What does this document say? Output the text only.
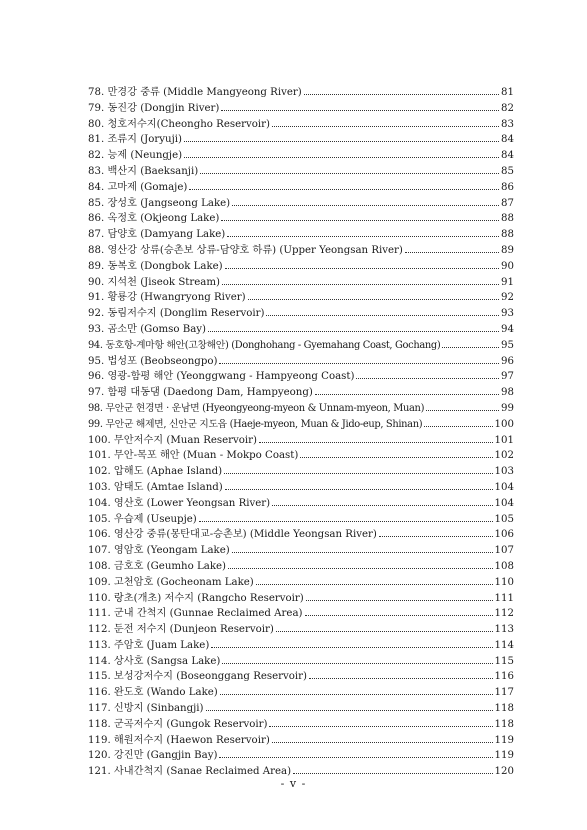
78. 만경강 중류 (Middle Mangyeong River)	81
79. 동진강 (Dongjin River)	82
80. 청호저수지(Cheongho Reservoir)	83
81. 조류지 (Joryuji)	84
82. 능제 (Neungje)	84
83. 백산지 (Baeksanji)	85
84. 고마제 (Gomaje)	86
85. 장성호 (Jangseong Lake)	87
86. 옥정호 (Okjeong Lake)	88
87. 담양호 (Damyang Lake)	88
88. 영산강 상류(승촌보 상류-담양호 하류) (Upper Yeongsan River)	89
89. 동복호 (Dongbok Lake)	90
90. 지석천 (Jiseok Stream)	91
91. 황룡강 (Hwangryong River)	92
92. 동림저수지 (Donglim Reservoir)	93
93. 곰소만 (Gomso Bay)	94
94. 동호항-계마항 해안(고창해안) (Donghohang - Gyemahang Coast, Gochang)	95
95. 법성포 (Beobseongpo)	96
96. 영광-함평 해안 (Yeonggwang - Hampyeong Coast)	97
97. 함평 대동댐 (Daedong Dam, Hampyeong)	98
98. 무안군 현경면 · 운남면 (Hyeongyeong-myeon & Unnam-myeon, Muan)	99
99. 무안군 해제면, 신안군 지도읍 (Haeje-myeon, Muan & Jido-eup, Shinan)	100
100. 무안저수지 (Muan Reservoir)	101
101. 무안-목포 해안 (Muan - Mokpo Coast)	102
102. 압해도 (Aphae Island)	103
103. 암태도 (Amtae Island)	104
104. 영산호 (Lower Yeongsan River)	104
105. 우습제 (Useupje)	105
106. 영산강 중류(몽탄대교-승촌보) (Middle Yeongsan River)	106
107. 영암호 (Yeongam Lake)	107
108. 금호호 (Geumho Lake)	108
109. 고천암호 (Gocheonam Lake)	110
110. 랑초(개초) 저수지 (Rangcho Reservoir)	111
111. 군내 간척지 (Gunnae Reclaimed Area)	112
112. 둔전 저수지 (Dunjeon Reservoir)	113
113. 주암호 (Juam Lake)	114
114. 상사호 (Sangsa Lake)	115
115. 보성강저수지 (Boseonggang Reservoir)	116
116. 완도호 (Wando Lake)	117
117. 신방지 (Sinbangji)	118
118. 군곡저수지 (Gungok Reservoir)	118
119. 해원저수지 (Haewon Reservoir)	119
120. 강진만 (Gangjin Bay)	119
121. 사내간척지 (Sanae Reclaimed Area)	120
- v -
